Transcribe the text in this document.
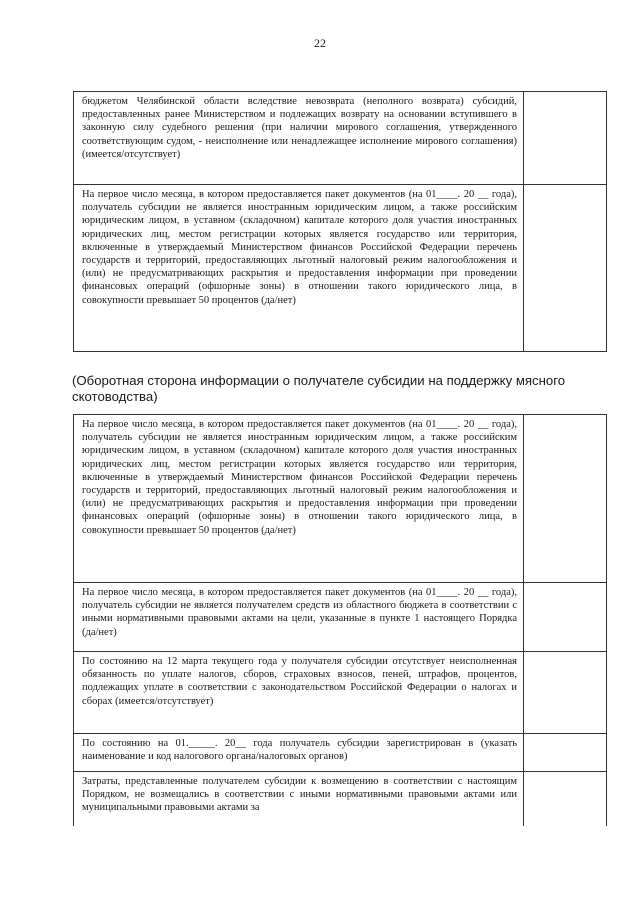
22
бюджетом Челябинской области вследствие невозврата (неполного возврата) субсидий, предоставленных ранее Министерством и подлежащих возврату на основании вступившего в законную силу судебного решения (при наличии мирового соглашения, утвержденного соответствующим судом, - неисполнение или ненадлежащее исполнение мирового соглашения) (имеется/отсутствует)	

На первое число месяца, в котором предоставляется пакет документов (на 01____. 20 __ года), получатель субсидии не является иностранным юридическим лицом, а также российским юридическим лицом, в уставном (складочном) капитале которого доля участия иностранных юридических лиц, местом регистрации которых является государство или территория, включенные в утверждаемый Министерством финансов Российской Федерации перечень государств и территорий, предоставляющих льготный налоговый режим налогообложения и (или) не предусматривающих раскрытия и предоставления информации при проведении финансовых операций (офшорные зоны) в отношении такого юридического лица, в совокупности превышает 50 процентов (да/нет)	

(Оборотная сторона информации о получателе субсидии на поддержку мясного скотоводства)
На первое число месяца, в котором предоставляется пакет документов (на 01____. 20 __ года), получатель субсидии не является иностранным юридическим лицом, а также российским юридическим лицом, в уставном (складочном) капитале которого доля участия иностранных юридических лиц, местом регистрации которых является государство или территория, включенные в утверждаемый Министерством финансов Российской Федерации перечень государств и территорий, предоставляющих льготный налоговый режим налогообложения и (или) не предусматривающих раскрытия и предоставления информации при проведении финансовых операций (офшорные зоны) в отношении такого юридического лица, в совокупности превышает 50 процентов (да/нет)	

На первое число месяца, в котором предоставляется пакет документов (на 01____. 20 __ года), получатель субсидии не является получателем средств из областного бюджета в соответствии с иными нормативными правовыми актами на цели, указанные в пункте 1 настоящего Порядка (да/нет)	

По состоянию на 12 марта текущего года у получателя субсидии отсутствует неисполненная обязанность по уплате налогов, сборов, страховых взносов, пеней, штрафов, процентов, подлежащих уплате в соответствии с законодательством Российской Федерации о налогах и сборах (имеется/отсутствует)	

По состоянию на 01._____. 20__ года получатель субсидии зарегистрирован в (указать наименование и код налогового органа/налоговых органов)	

Затраты, представленные получателем субсидии к возмещению в соответствии с настоящим Порядком, не возмещались в соответствии с иными нормативными правовыми актами или муниципальными правовыми актами за	
